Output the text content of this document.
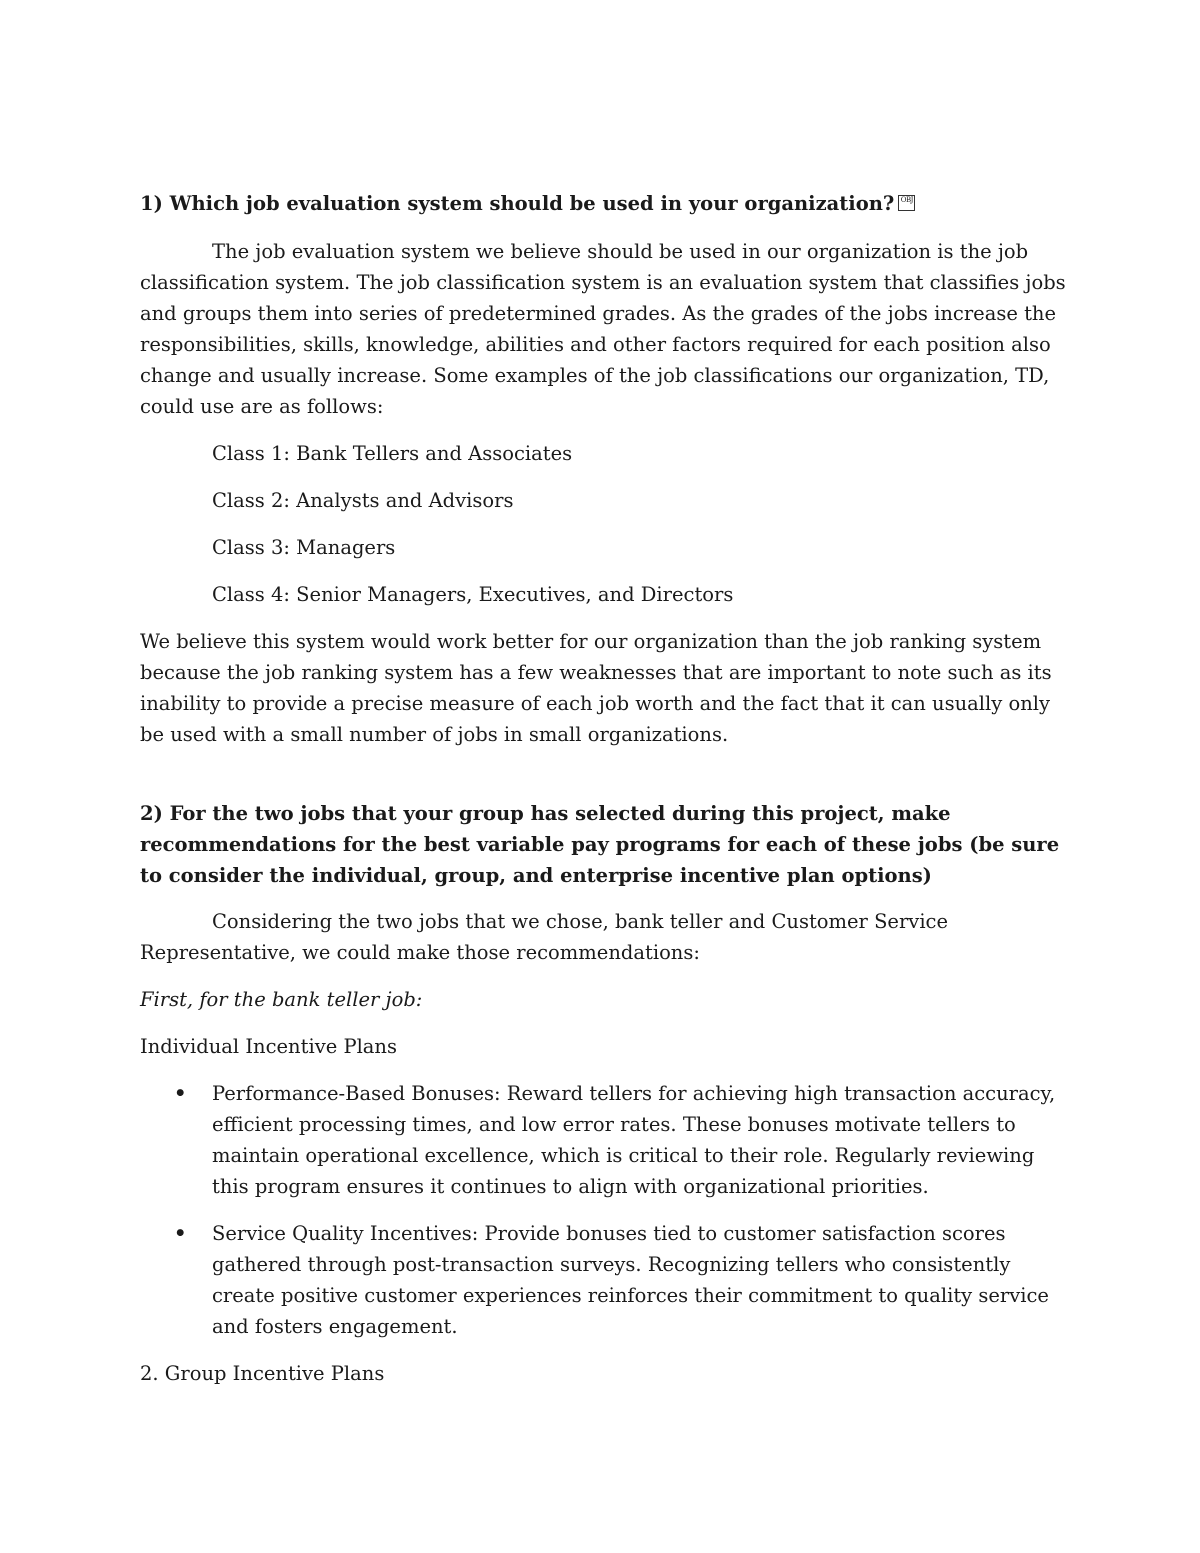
1) Which job evaluation system should be used in your organization? OBJ

The job evaluation system we believe should be used in our organization is the job classification system. The job classification system is an evaluation system that classifies jobs and groups them into series of predetermined grades. As the grades of the jobs increase the responsibilities, skills, knowledge, abilities and other factors required for each position also change and usually increase. Some examples of the job classifications our organization, TD, could use are as follows:

Class 1: Bank Tellers and Associates

Class 2: Analysts and Advisors

Class 3: Managers

Class 4: Senior Managers, Executives, and Directors

We believe this system would work better for our organization than the job ranking system because the job ranking system has a few weaknesses that are important to note such as its inability to provide a precise measure of each job worth and the fact that it can usually only be used with a small number of jobs in small organizations.

2) For the two jobs that your group has selected during this project, make recommendations for the best variable pay programs for each of these jobs (be sure to consider the individual, group, and enterprise incentive plan options)

Considering the two jobs that we chose, bank teller and Customer Service Representative, we could make those recommendations:

First, for the bank teller job:

Individual Incentive Plans

• Performance-Based Bonuses: Reward tellers for achieving high transaction accuracy, efficient processing times, and low error rates. These bonuses motivate tellers to maintain operational excellence, which is critical to their role. Regularly reviewing this program ensures it continues to align with organizational priorities.
• Service Quality Incentives: Provide bonuses tied to customer satisfaction scores gathered through post-transaction surveys. Recognizing tellers who consistently create positive customer experiences reinforces their commitment to quality service and fosters engagement.

2. Group Incentive Plans
